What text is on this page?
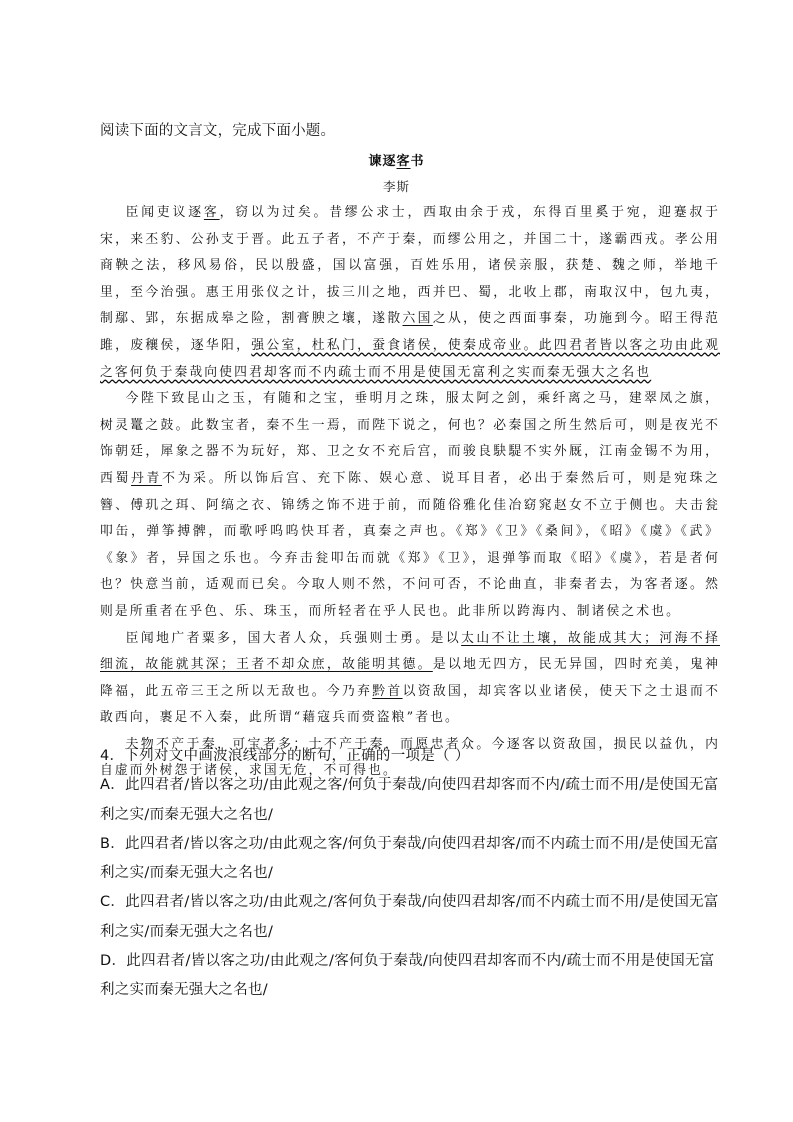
阅读下面的文言文，完成下面小题。
谏逐客书
李斯

臣闻吏议逐客，窃以为过矣。昔缪公求士，西取由余于戎，东得百里奚于宛，迎蹇叔于宋，来丕豹、公孙支于晋。此五子者，不产于秦，而缪公用之，并国二十，遂霸西戎。孝公用商鞅之法，移风易俗，民以殷盛，国以富强，百姓乐用，诸侯亲服，获楚、魏之师，举地千里，至今治强。惠王用张仪之计，拔三川之地，西并巴、蜀，北收上郡，南取汉中，包九夷，制鄢、郢，东据成皋之险，割膏腴之壤，遂散六国之从，使之西面事秦，功施到今。昭王得范雎，废穰侯，逐华阳，强公室，杜私门，蚕食诸侯，使秦成帝业。此四君者皆以客之功由此观之客何负于秦哉向使四君却客而不内疏士而不用是使国无富利之实而秦无强大之名也

今陛下致昆山之玉，有随和之宝，垂明月之珠，服太阿之剑，乘纤离之马，建翠凤之旗，树灵鼍之鼓。此数宝者，秦不生一焉，而陛下说之，何也？必秦国之所生然后可，则是夜光不饰朝廷，犀象之器不为玩好，郑、卫之女不充后宫，而骏良駃騠不实外厩，江南金锡不为用，西蜀丹青不为采。所以饰后宫、充下陈、娱心意、说耳目者，必出于秦然后可，则是宛珠之簪、傅玑之珥、阿缟之衣、锦绣之饰不进于前，而随俗雅化佳冶窈窕赵女不立于侧也。夫击瓮叩缶，弹筝搏髀，而歌呼呜呜快耳者，真秦之声也。《郑》《卫》《桑间》，《昭》《虞》《武》《象》者，异国之乐也。今弃击瓮叩缶而就《郑》《卫》，退弹筝而取《昭》《虞》，若是者何也？快意当前，适观而已矣。今取人则不然，不问可否，不论曲直，非秦者去，为客者逐。然则是所重者在乎色、乐、珠玉，而所轻者在乎人民也。此非所以跨海内、制诸侯之术也。

臣闻地广者粟多，国大者人众，兵强则士勇。是以太山不让土壤，故能成其大；河海不择细流，故能就其深；王者不却众庶，故能明其德。是以地无四方，民无异国，四时充美，鬼神降福，此五帝三王之所以无敌也。今乃弃黔首以资敌国，却宾客以业诸侯，使天下之士退而不敢西向，裹足不入秦，此所谓“藉寇兵而赍盗粮”者也。

夫物不产于秦，可宝者多；士不产于秦，而愿忠者众。今逐客以资敌国，损民以益仇，内自虚而外树怨于诸侯，求国无危，不可得也。

4．下列对文中画波浪线部分的断句，正确的一项是（ ）

A．此四君者/皆以客之功/由此观之客/何负于秦哉/向使四君却客而不内/疏士而不用/是使国无富利之实/而秦无强大之名也/

B．此四君者/皆以客之功/由此观之客/何负于秦哉/向使四君却客/而不内疏士而不用/是使国无富利之实/而秦无强大之名也/

C．此四君者/皆以客之功/由此观之/客何负于秦哉/向使四君却客/而不内疏士而不用/是使国无富利之实/而秦无强大之名也/

D．此四君者/皆以客之功/由此观之/客何负于秦哉/向使四君却客而不内/疏士而不用是使国无富利之实而秦无强大之名也/
